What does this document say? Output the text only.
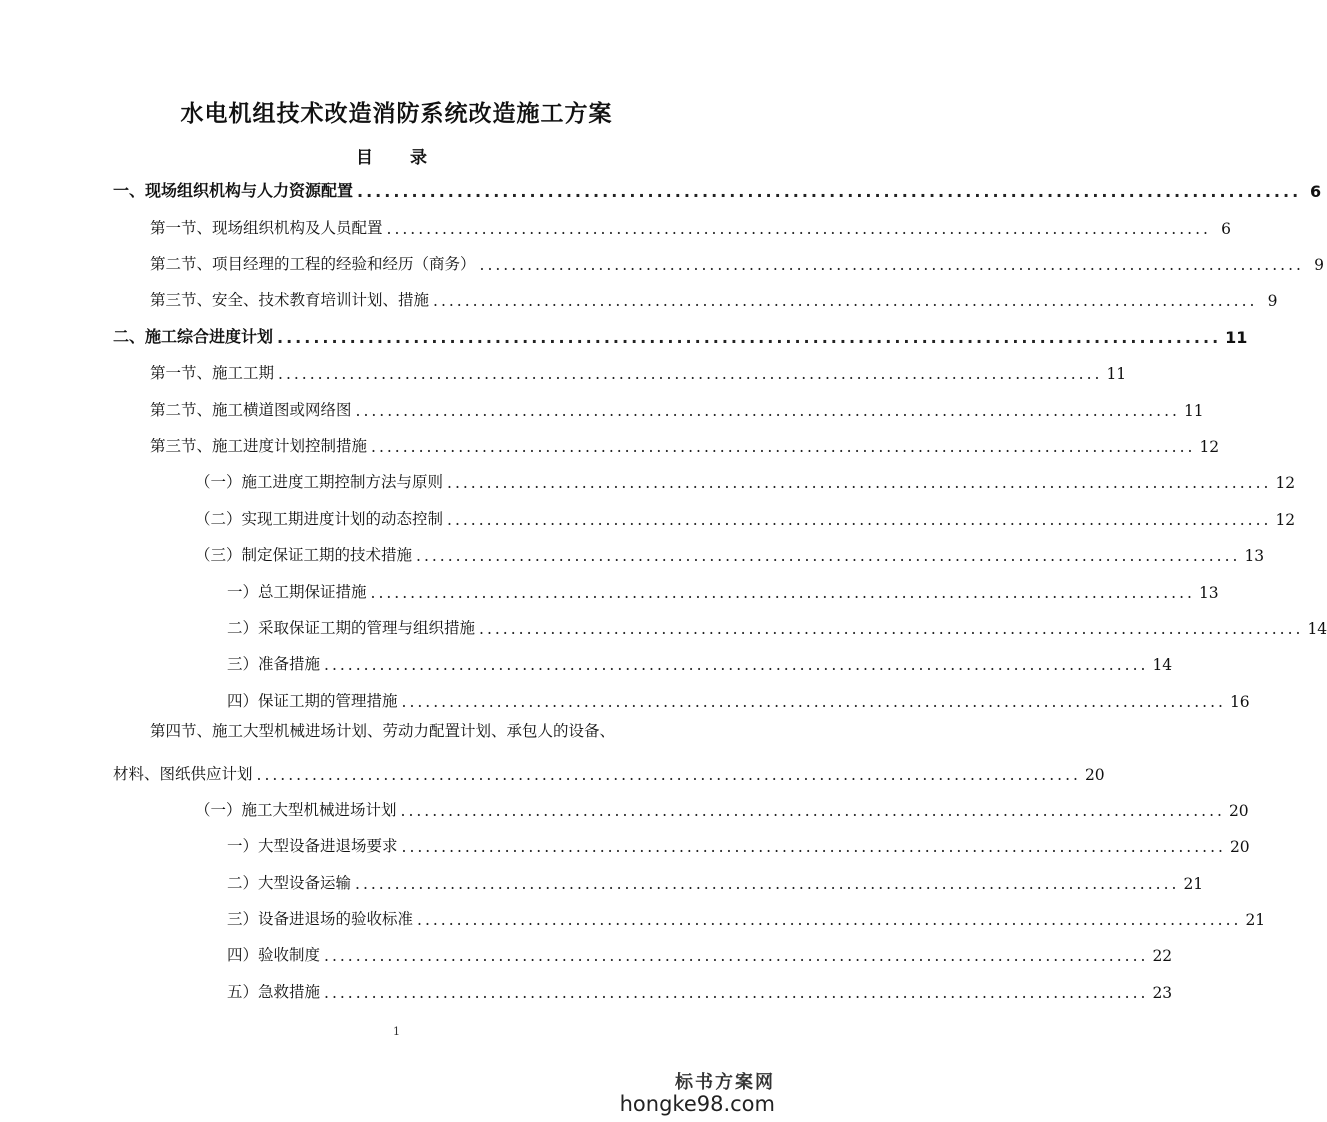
水电机组技术改造消防系统改造施工方案
目　录
一、现场组织机构与人力资源配置 ........................................................................................................ 6
第一节、现场组织机构及人员配置 ........................................................................................................ 6
第二节、项目经理的工程的经验和经历（商务） ........................................................................................................ 9
第三节、安全、技术教育培训计划、措施 ........................................................................................................ 9
二、施工综合进度计划 ........................................................................................................ 11
第一节、施工工期 ........................................................................................................ 11
第二节、施工横道图或网络图 ........................................................................................................ 11
第三节、施工进度计划控制措施 ........................................................................................................ 12
（一）施工进度工期控制方法与原则 ........................................................................................................ 12
（二）实现工期进度计划的动态控制 ........................................................................................................ 12
（三）制定保证工期的技术措施 ........................................................................................................ 13
一）总工期保证措施 ........................................................................................................ 13
二）采取保证工期的管理与组织措施 ........................................................................................................ 14
三）准备措施 ........................................................................................................ 14
四）保证工期的管理措施 ........................................................................................................ 16
第四节、施工大型机械进场计划、劳动力配置计划、承包人的设备、
材料、图纸供应计划 ........................................................................................................ 20
（一）施工大型机械进场计划 ........................................................................................................ 20
一）大型设备进退场要求 ........................................................................................................ 20
二）大型设备运输 ........................................................................................................ 21
三）设备进退场的验收标准 ........................................................................................................ 21
四）验收制度 ........................................................................................................ 22
五）急救措施 ........................................................................................................ 23
1
标书方案网
hongke98.com
